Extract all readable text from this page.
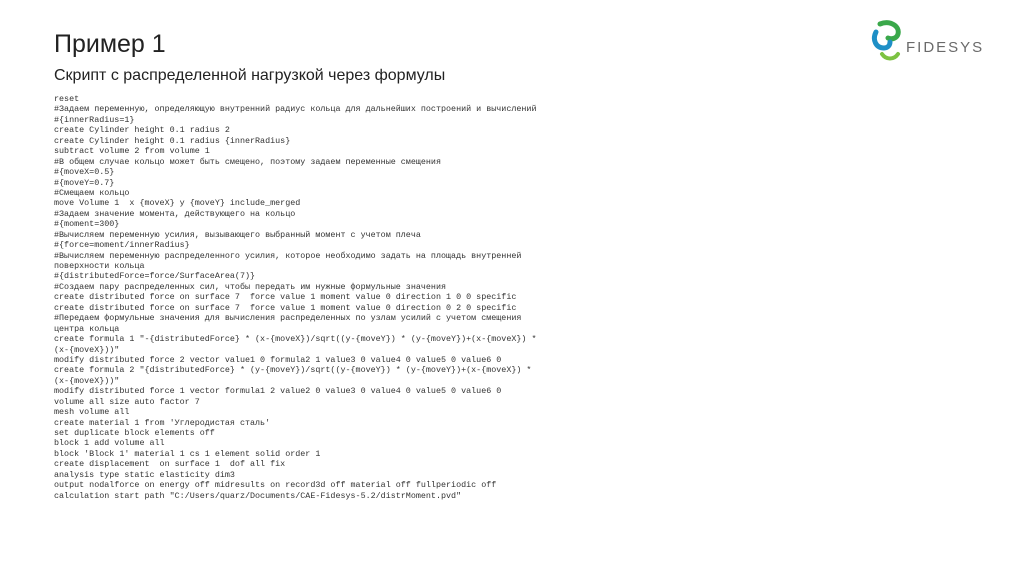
Пример 1
Скрипт с распределенной нагрузкой через формулы
FIDESYS
reset
#Задаем переменную, определяющую внутренний радиус кольца для дальнейших построений и вычислений
#{innerRadius=1}
create Cylinder height 0.1 radius 2
create Cylinder height 0.1 radius {innerRadius}
subtract volume 2 from volume 1
#В общем случае кольцо может быть смещено, поэтому задаем переменные смещения
#{moveX=0.5}
#{moveY=0.7}
#Смещаем кольцо
move Volume 1  x {moveX} y {moveY} include_merged
#Задаем значение момента, действующего на кольцо
#{moment=300}
#Вычисляем переменную усилия, вызывающего выбранный момент с учетом плеча
#{force=moment/innerRadius}
#Вычисляем переменную распределенного усилия, которое необходимо задать на площадь внутренней
поверхности кольца
#{distributedForce=force/SurfaceArea(7)}
#Создаем пару распределенных сил, чтобы передать им нужные формульные значения
create distributed force on surface 7  force value 1 moment value 0 direction 1 0 0 specific
create distributed force on surface 7  force value 1 moment value 0 direction 0 2 0 specific
#Передаем формульные значения для вычисления распределенных по узлам усилий с учетом смещения
центра кольца
create formula 1 "-{distributedForce} * (x-{moveX})/sqrt((y-{moveY}) * (y-{moveY})+(x-{moveX}) *
(x-{moveX}))"
modify distributed force 2 vector value1 0 formula2 1 value3 0 value4 0 value5 0 value6 0
create formula 2 "{distributedForce} * (y-{moveY})/sqrt((y-{moveY}) * (y-{moveY})+(x-{moveX}) *
(x-{moveX}))"
modify distributed force 1 vector formula1 2 value2 0 value3 0 value4 0 value5 0 value6 0
volume all size auto factor 7
mesh volume all
create material 1 from 'Углеродистая сталь'
set duplicate block elements off
block 1 add volume all
block 'Block 1' material 1 cs 1 element solid order 1
create displacement  on surface 1  dof all fix
analysis type static elasticity dim3
output nodalforce on energy off midresults on record3d off material off fullperiodic off
calculation start path "C:/Users/quarz/Documents/CAE-Fidesys-5.2/distrMoment.pvd"
